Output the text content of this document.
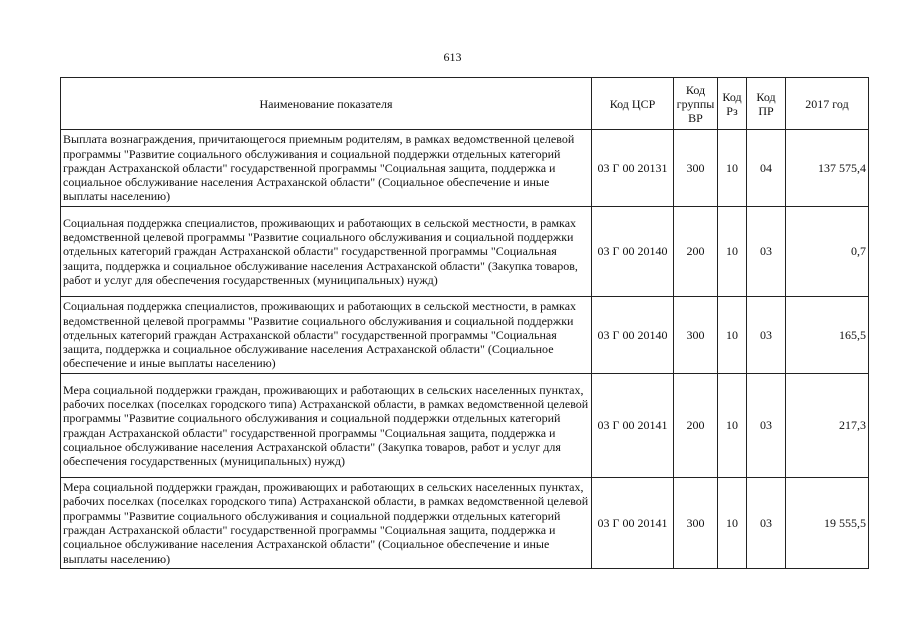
613
Наименование показателя	Код ЦСР	Код группы ВР	Код Рз	Код ПР	2017 год
Выплата вознаграждения, причитающегося приемным родителям, в рамках ведомственной целевой программы "Развитие социального обслуживания и социальной поддержки отдельных категорий граждан Астраханской области" государственной программы "Социальная защита, поддержка и социальное обслуживание населения Астраханской области" (Социальное обеспечение и иные выплаты населению)	03 Г 00 20131	300	10	04	137 575,4
Социальная поддержка специалистов, проживающих и работающих в сельской местности, в рамках ведомственной целевой программы "Развитие социального обслуживания и социальной поддержки отдельных категорий граждан Астраханской области" государственной программы "Социальная защита, поддержка и социальное обслуживание населения Астраханской области" (Закупка товаров, работ и услуг для обеспечения государственных (муниципальных) нужд)	03 Г 00 20140	200	10	03	0,7
Социальная поддержка специалистов, проживающих и работающих в сельской местности, в рамках ведомственной целевой программы "Развитие социального обслуживания и социальной поддержки отдельных категорий граждан Астраханской области" государственной программы "Социальная защита, поддержка и социальное обслуживание населения Астраханской области" (Социальное обеспечение и иные выплаты населению)	03 Г 00 20140	300	10	03	165,5
Мера социальной поддержки граждан, проживающих и работающих в сельских населенных пунктах, рабочих поселках (поселках городского типа) Астраханской области, в рамках ведомственной целевой программы "Развитие социального обслуживания и социальной поддержки отдельных категорий граждан Астраханской области" государственной программы "Социальная защита, поддержка и социальное обслуживание населения Астраханской области" (Закупка товаров, работ и услуг для обеспечения государственных (муниципальных) нужд)	03 Г 00 20141	200	10	03	217,3
Мера социальной поддержки граждан, проживающих и работающих в сельских населенных пунктах, рабочих поселках (поселках городского типа) Астраханской области, в рамках ведомственной целевой программы "Развитие социального обслуживания и социальной поддержки отдельных категорий граждан Астраханской области" государственной программы "Социальная защита, поддержка и социальное обслуживание населения Астраханской области" (Социальное обеспечение и иные выплаты населению)	03 Г 00 20141	300	10	03	19 555,5
